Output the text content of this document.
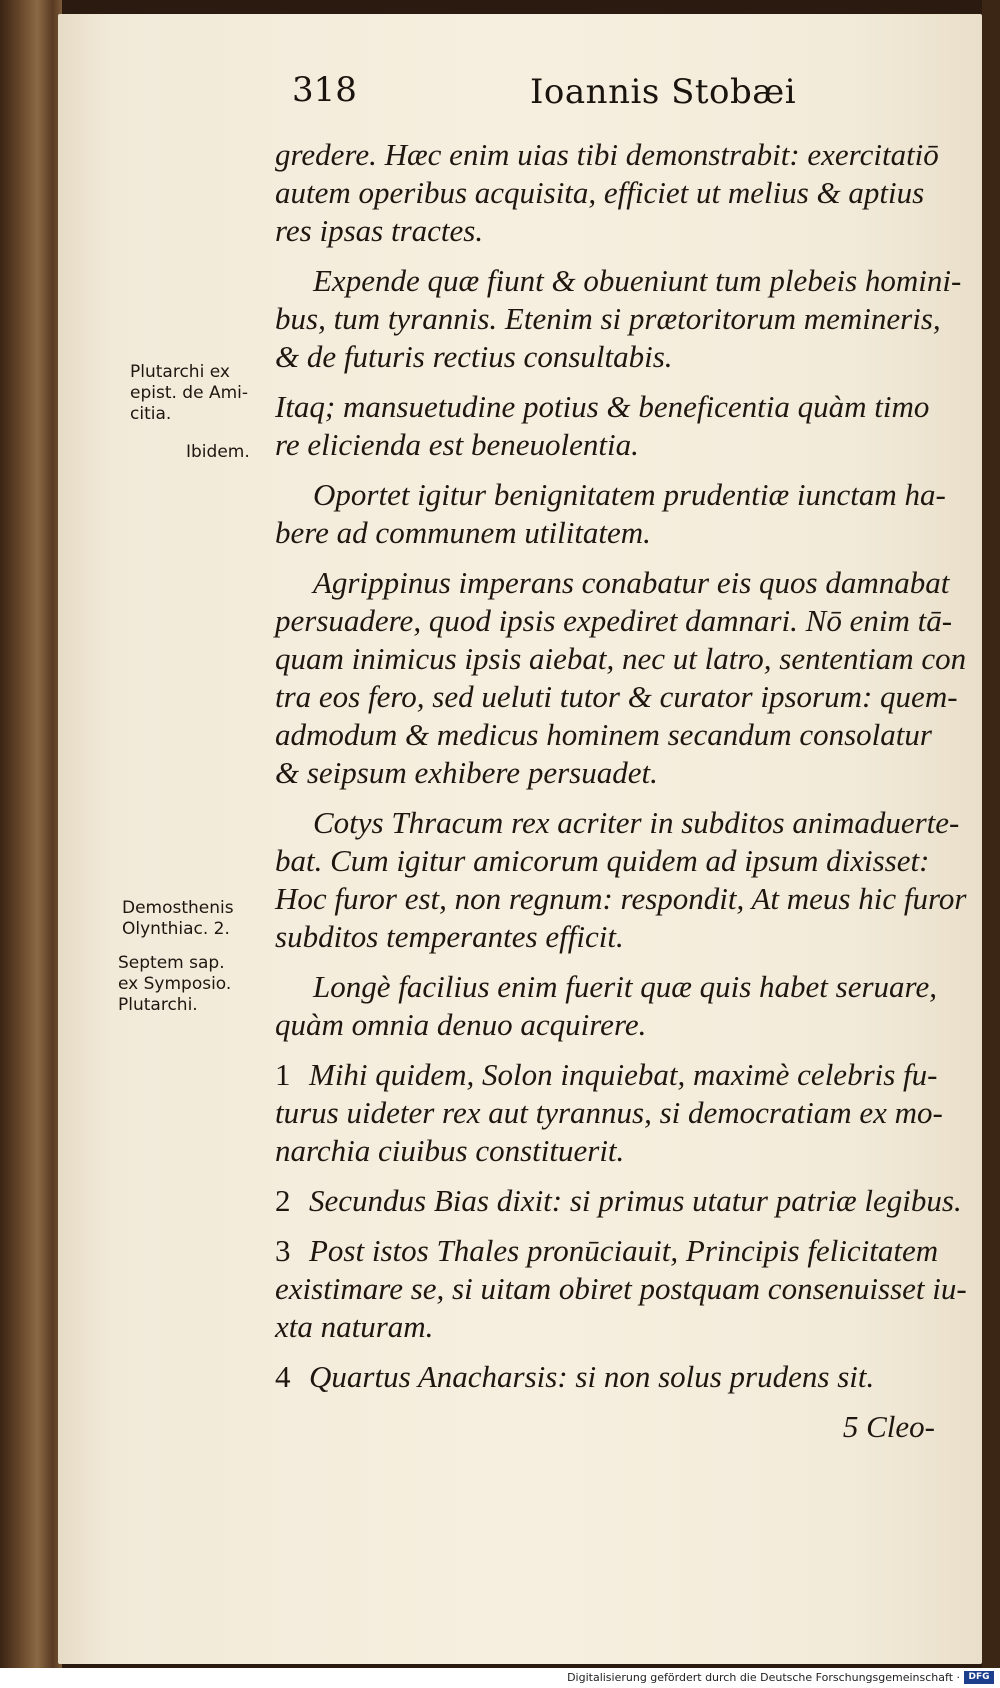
318	Ioannis Stobæi
Plutarchi ex
epist. de Ami-
citia.
Ibidem.
Demosthenis
Olynthiac. 2.
Septem sap.
ex Symposio.
Plutarchi.
gredere. Hæc enim uias tibi demonstrabit: exercitatiō
autem operibus acquisita, efficiet ut melius & aptius
res ipsas tractes.
Expende quæ fiunt & obueniunt tum plebeis homini-
bus, tum tyrannis. Etenim si prætoritorum memineris,
& de futuris rectius consultabis.
Itaq; mansuetudine potius & beneficentia quàm timo
re elicienda est beneuolentia.
Oportet igitur benignitatem prudentiæ iunctam ha-
bere ad communem utilitatem.
Agrippinus imperans conabatur eis quos damnabat
persuadere, quod ipsis expediret damnari. Nō enim tā-
quam inimicus ipsis aiebat, nec ut latro, sententiam con
tra eos fero, sed ueluti tutor & curator ipsorum: quem-
admodum & medicus hominem secandum consolatur
& seipsum exhibere persuadet.
Cotys Thracum rex acriter in subditos animaduerte-
bat. Cum igitur amicorum quidem ad ipsum dixisset:
Hoc furor est, non regnum: respondit, At meus hic furor
subditos temperantes efficit.
Longè facilius enim fuerit quæ quis habet seruare,
quàm omnia denuo acquirere.
1 Mihi quidem, Solon inquiebat, maximè celebris fu-
turus uideter rex aut tyrannus, si democratiam ex mo-
narchia ciuibus constituerit.
2 Secundus Bias dixit: si primus utatur patriæ legibus.
3 Post istos Thales pronūciauit, Principis felicitatem
existimare se, si uitam obiret postquam consenuisset iu-
xta naturam.
4 Quartus Anacharsis: si non solus prudens sit.
5 Cleo-
Digitalisierung gefördert durch die Deutsche Forschungsgemeinschaft · DFG
